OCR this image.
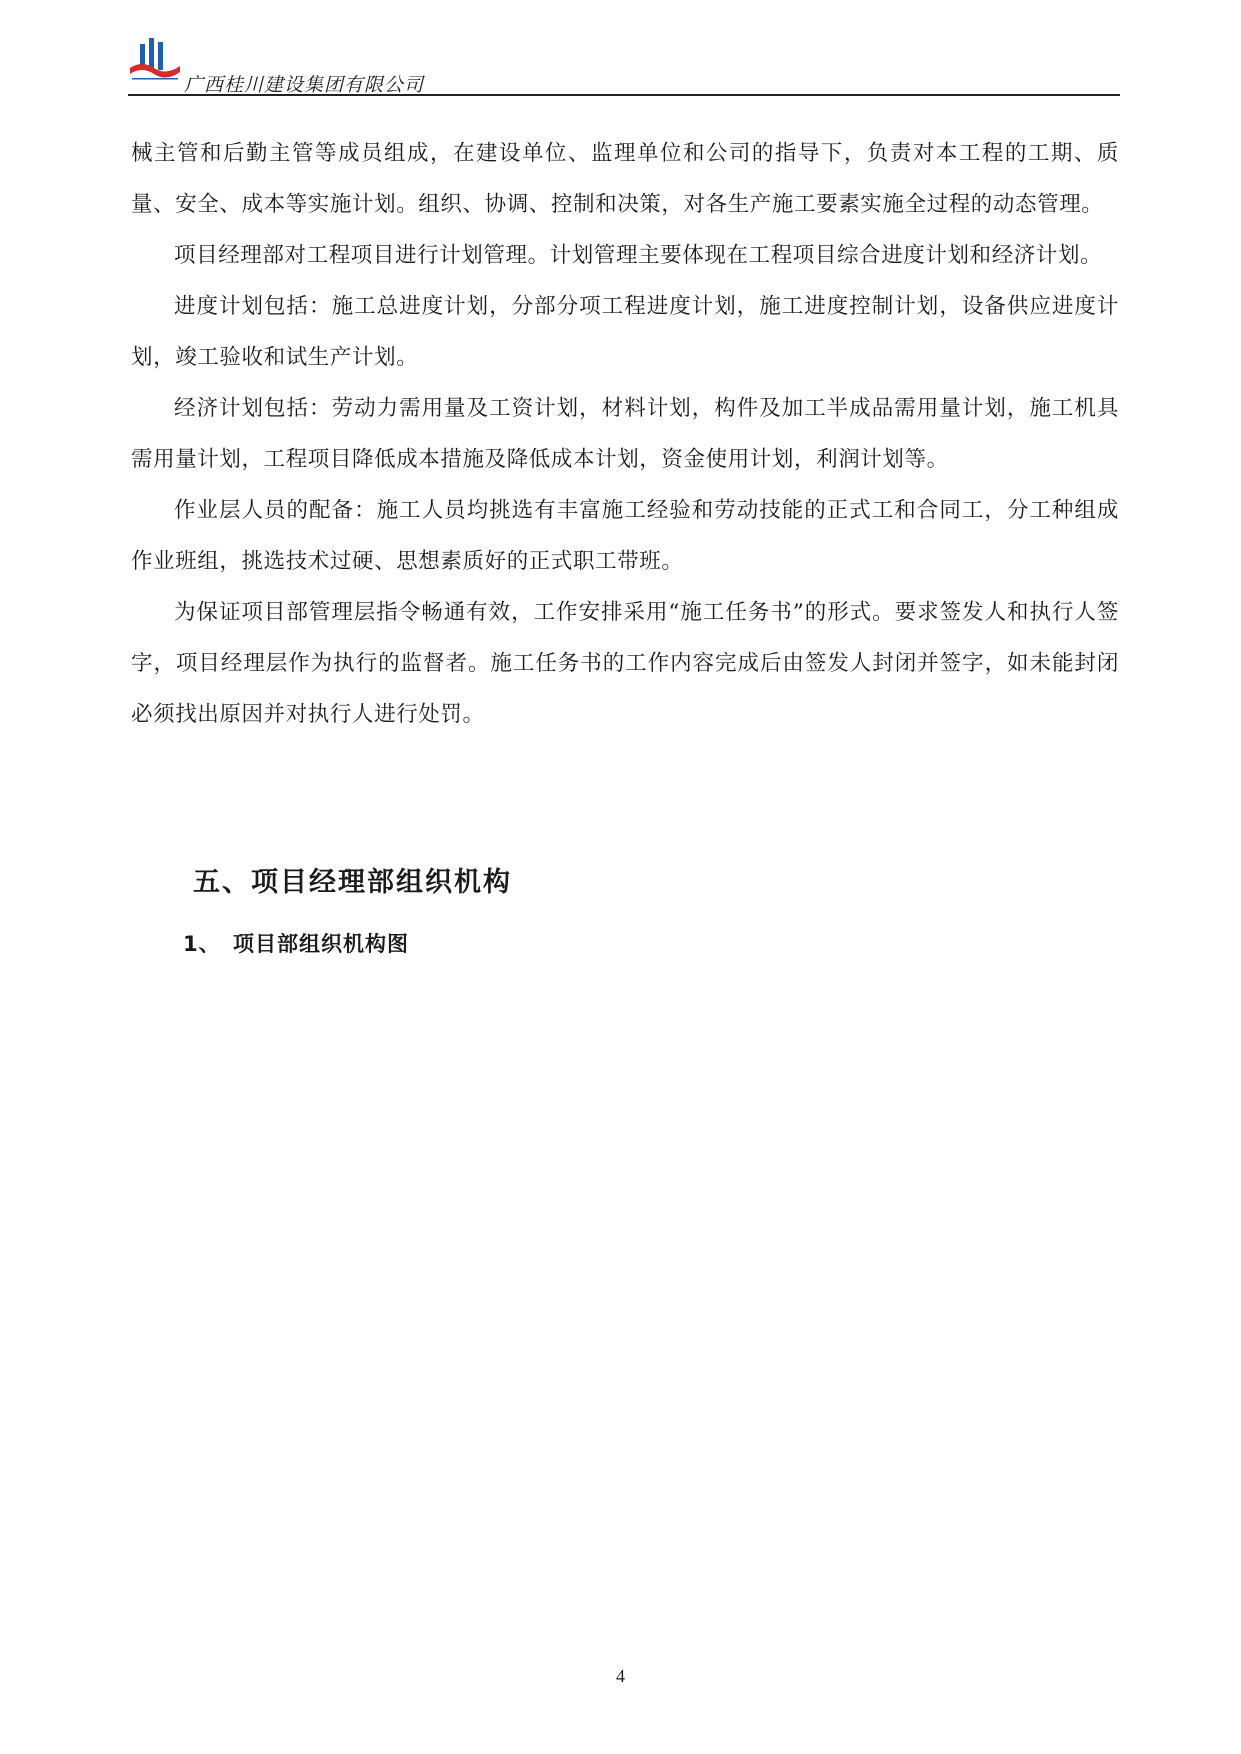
广西桂川建设集团有限公司

械主管和后勤主管等成员组成，在建设单位、监理单位和公司的指导下，负责对本工程的工期、质量、安全、成本等实施计划。组织、协调、控制和决策，对各生产施工要素实施全过程的动态管理。

项目经理部对工程项目进行计划管理。计划管理主要体现在工程项目综合进度计划和经济计划。

进度计划包括：施工总进度计划，分部分项工程进度计划，施工进度控制计划，设备供应进度计划，竣工验收和试生产计划。

经济计划包括：劳动力需用量及工资计划，材料计划，构件及加工半成品需用量计划，施工机具需用量计划，工程项目降低成本措施及降低成本计划，资金使用计划，利润计划等。

作业层人员的配备：施工人员均挑选有丰富施工经验和劳动技能的正式工和合同工，分工种组成作业班组，挑选技术过硬、思想素质好的正式职工带班。

为保证项目部管理层指令畅通有效，工作安排采用“施工任务书”的形式。要求签发人和执行人签字，项目经理层作为执行的监督者。施工任务书的工作内容完成后由签发人封闭并签字，如未能封闭必须找出原因并对执行人进行处罚。

五、项目经理部组织机构
1、 项目部组织机构图
4
